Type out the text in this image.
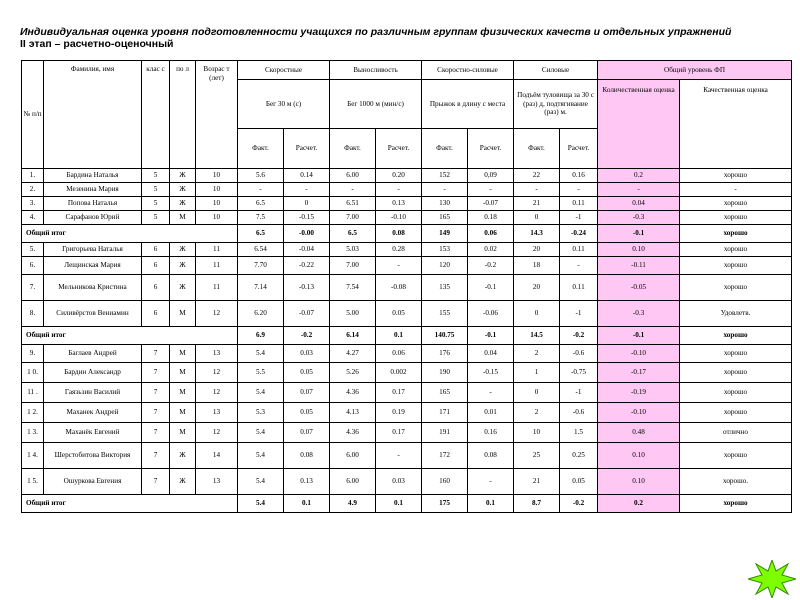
Индивидуальная оценка уровня подготовленности учащихся по различным группам физических качеств и отдельных упражнений
II этап – расчетно-оценочный
№ п/п	Фамилия, имя	клас с	по л	Возрас т (лет)	Скоростные		Выносливость		Скоростно-силовые		Силовые		Общий уровень ФП	
					Бег 30 м (с)		Бег 1000 м (мин/с)		Прыжок в длину с места		Подъём туловища за 30 с (раз) д, подтягивание (раз) м.		Количественная оценка	Качественная оценка
					Факт.	Расчет.	Факт.	Расчет.	Факт.	Расчет.	Факт.	Расчет.		
1.	Бардина Наталья	5	Ж	10	5.6	0.14	6.00	0.20	152	0,09	22	0.16	0.2	хорошо
2.	Мезенина Мария	5	Ж	10	-	-	-	-	-	-	-	-	-	-
3.	Попова Наталья	5	Ж	10	6.5	0	6.51	0.13	130	-0.07	21	0.11	0.04	хорошо
4.	Сарафанов Юрий	5	М	10	7.5	-0.15	7.00	-0.10	165	0.18	0	-1	-0.3	хорошо
Общий итог					6.5	-0.00	6.5	0.08	149	0.06	14.3	-0.24	-0.1	хорошо
5.	Григорьева Наталья	6	Ж	11	6.54	-0.04	5.03	0.28	153	0.02	20	0.11	0.10	хорошо
6.	Лещинская Мария	6	Ж	11	7.70	-0.22	7.00	-	120	-0.2	18	-	-0.11	хорошо
7.	Мельникова Кристина	6	Ж	11	7.14	-0.13	7.54	-0.08	135	-0.1	20	0.11	-0.05	хорошо
8.	Силивёрстов Вениамин	6	М	12	6.20	-0.07	5.00	0.05	155	-0.06	0	-1	-0.3	Удовлетв.
Общий итог					6.9	-0.2	6.14	0.1	140.75	-0.1	14.5	-0.2	-0.1	хорошо
9.	Баглаев Андрей	7	М	13	5.4	0.03	4.27	0.06	176	0.04	2	-0.6	-0.10	хорошо
1 0.	Бардин Александр	7	М	12	5.5	0.05	5.26	0.002	190	-0.15	1	-0.75	-0.17	хорошо
11 .	Гаязьзин Василий	7	М	12	5.4	0.07	4.36	0.17	165	-	0	-1	-0.19	хорошо
1 2.	Маханек Андрей	7	М	13	5.3	0.05	4.13	0.19	171	0.01	2	-0.6	-0.10	хорошо
1 3.	Маханёк Евгений	7	М	12	5.4	0.07	4.36	0.17	191	0.16	10	1.5	0.48	отлично
1 4.	Шерстобитова Виктория	7	Ж	14	5.4	0.08	6.00	-	172	0.08	25	0.25	0.10	хорошо
1 5.	Ошуркова Евгения	7	Ж	13	5.4	0.13	6.00	0.03	160	-	21	0.05	0.10	хорошо.
Общий итог					5.4	0.1	4.9	0.1	175	0.1	8.7	-0.2	0.2	хорошо
